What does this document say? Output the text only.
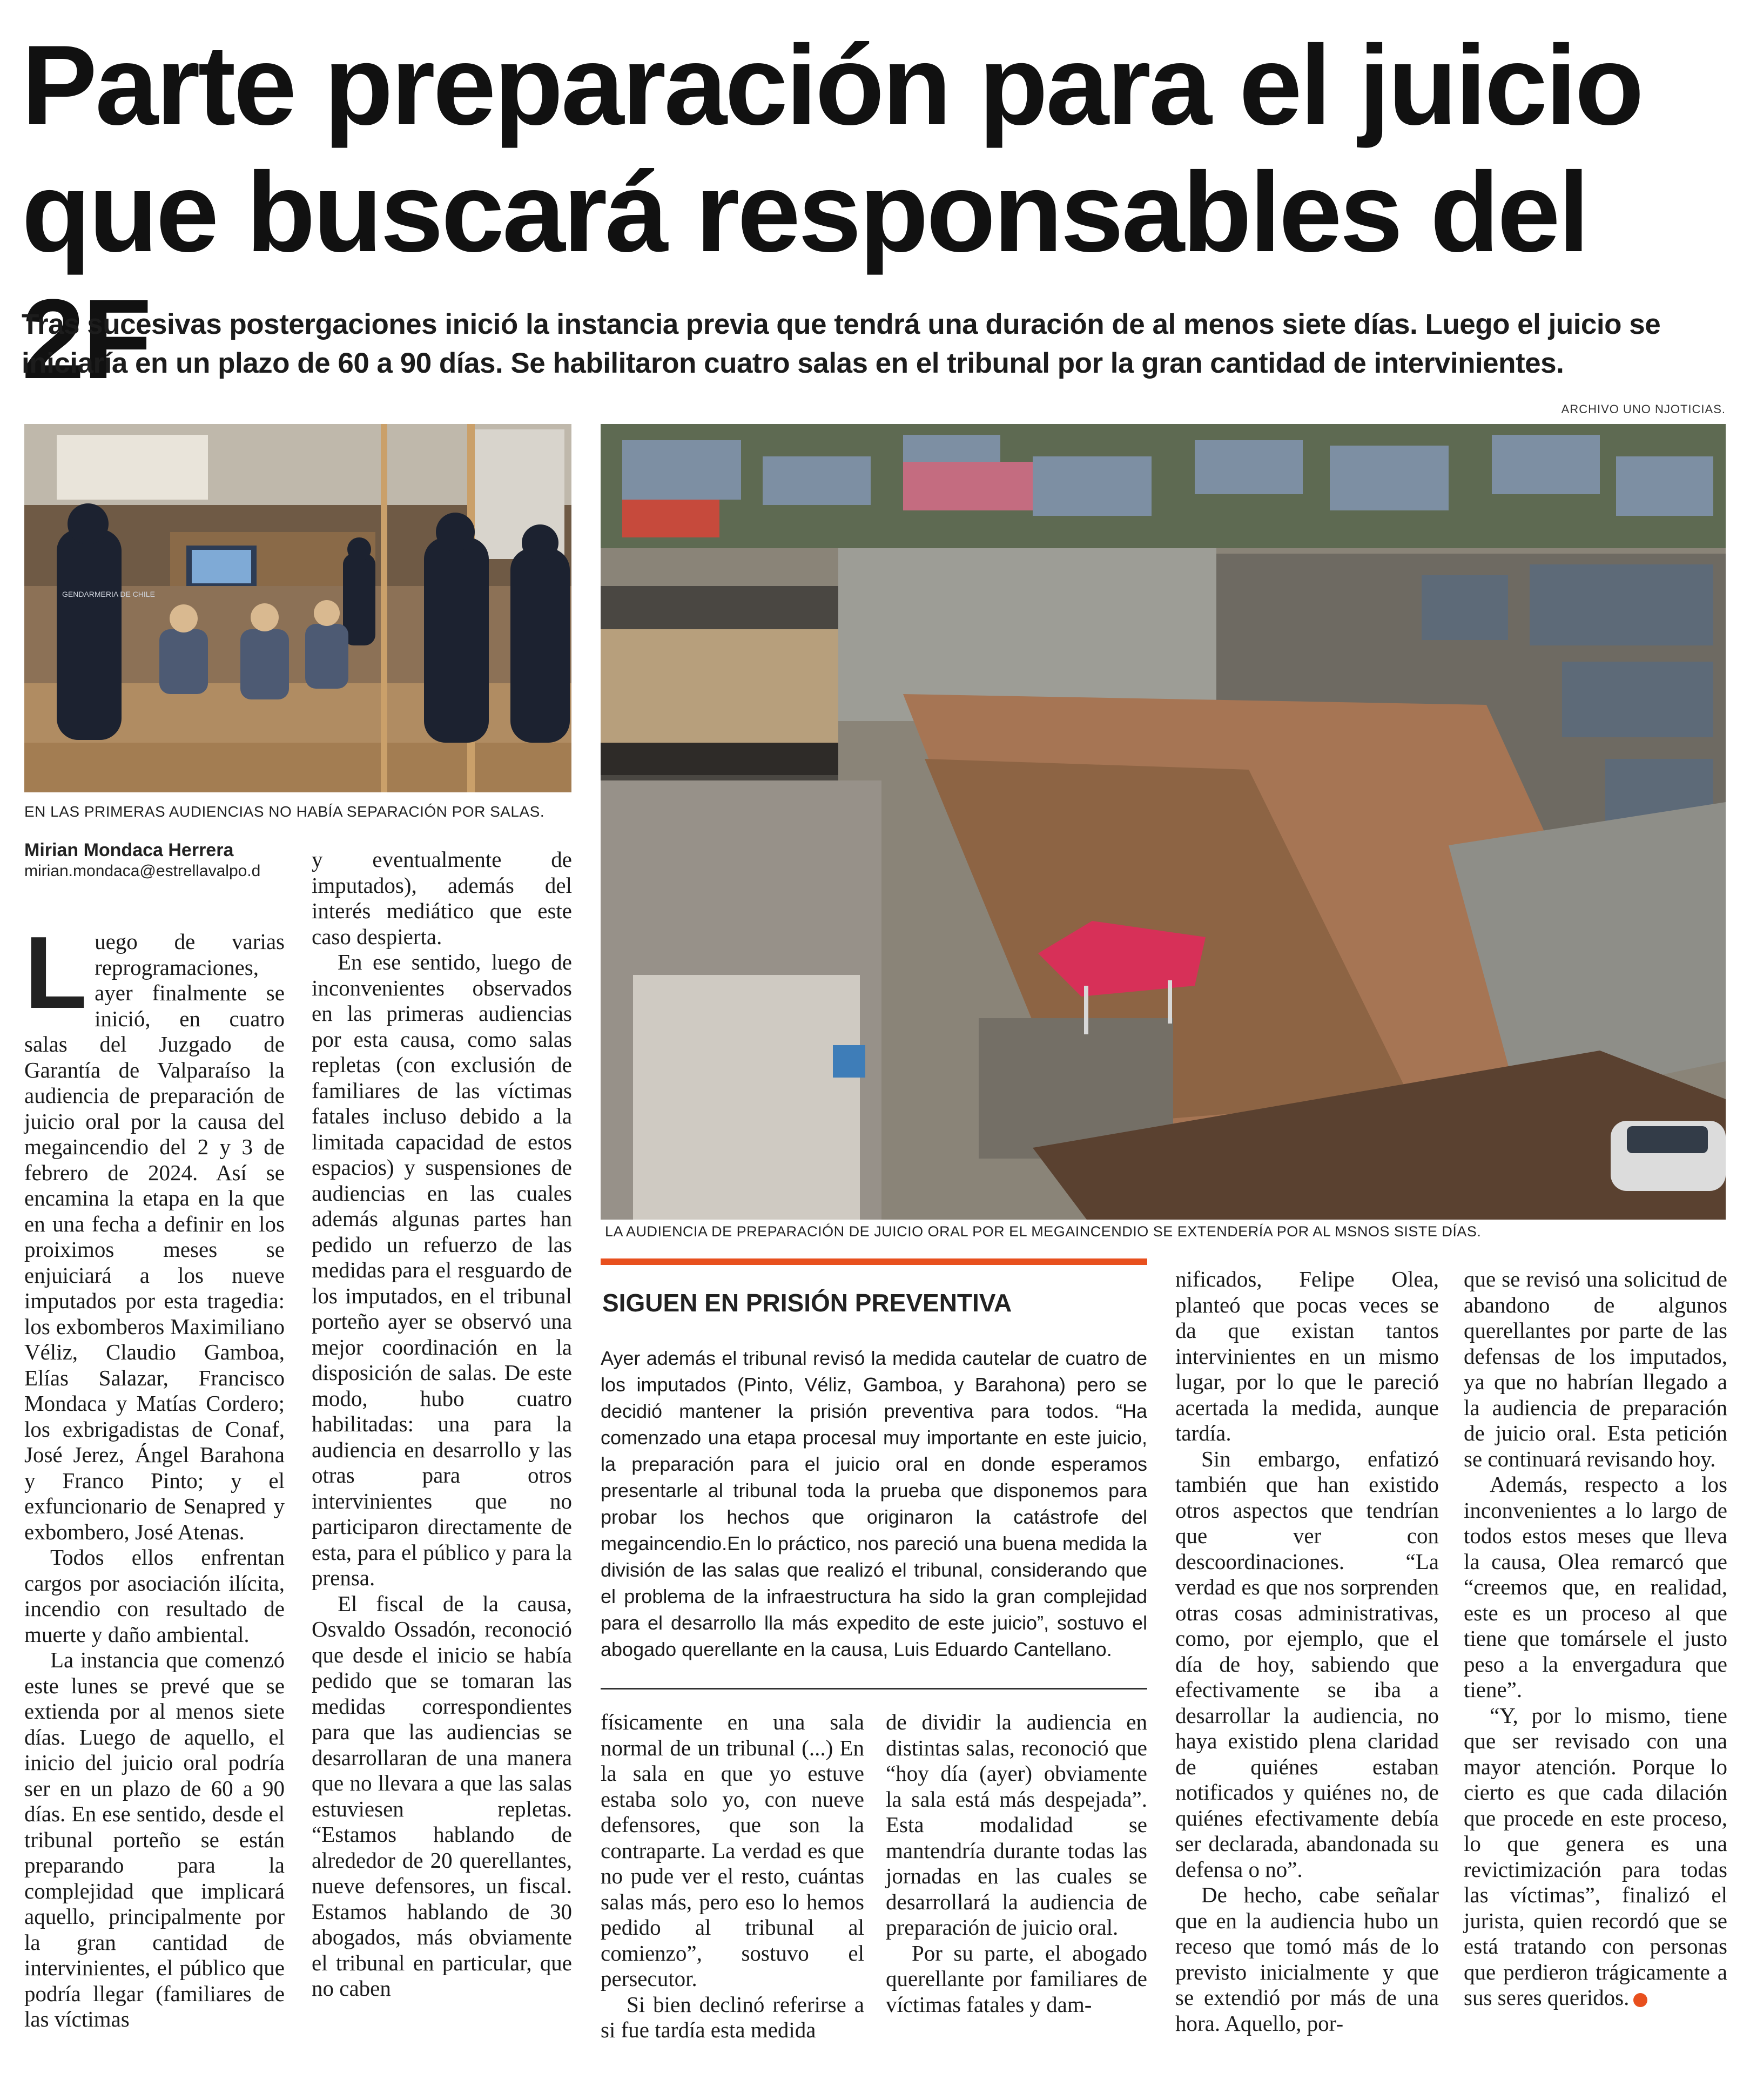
Parte preparación para el juicio
que buscará responsables del 2F
Tras sucesivas postergaciones inició la instancia previa que tendrá una duración de al menos siete días. Luego el juicio se iniciaría en un plazo de 60 a 90 días. Se habilitaron cuatro salas en el tribunal por la gran cantidad de intervinientes.
ARCHIVO UNO NJOTICIAS.
GENDARMERIA DE CHILE
EN LAS PRIMERAS AUDIENCIAS NO HABÍA SEPARACIÓN POR SALAS.
LA AUDIENCIA DE PREPARACIÓN DE JUICIO ORAL POR EL MEGAINCENDIO SE EXTENDERÍA POR AL MSNOS SISTE DÍAS.
Mirian Mondaca Herrera
mirian.mondaca@estrellavalpo.d

Luego de varias reprogramaciones, ayer finalmente se inició, en cuatro salas del Juzgado de Garantía de Valparaíso la audiencia de preparación de juicio oral por la causa del megaincendio del 2 y 3 de febrero de 2024. Así se encamina la etapa en la que en una fecha a definir en los proiximos meses se enjuiciará a los nueve imputados por esta tragedia: los exbomberos Maximiliano Véliz, Claudio Gamboa, Elías Salazar, Francisco Mondaca y Matías Cordero; los exbrigadistas de Conaf, José Jerez, Ángel Barahona y Franco Pinto; y el exfuncionario de Senapred y exbombero, José Atenas.

Todos ellos enfrentan cargos por asociación ilícita, incendio con resultado de muerte y daño ambiental.

La instancia que comenzó este lunes se prevé que se extienda por al menos siete días. Luego de aquello, el inicio del juicio oral podría ser en un plazo de 60 a 90 días. En ese sentido, desde el tribunal porteño se están preparando para la complejidad que implicará aquello, principalmente por la gran cantidad de intervinientes, el público que podría llegar (familiares de las víctimas

y eventualmente de imputados), además del interés mediático que este caso despierta.

En ese sentido, luego de inconvenientes observados en las primeras audiencias por esta causa, como salas repletas (con exclusión de familiares de las víctimas fatales incluso debido a la limitada capacidad de estos espacios) y suspensiones de audiencias en las cuales además algunas partes han pedido un refuerzo de las medidas para el resguardo de los imputados, en el tribunal porteño ayer se observó una mejor coordinación en la disposición de salas. De este modo, hubo cuatro habilitadas: una para la audiencia en desarrollo y las otras para otros intervinientes que no participaron directamente de esta, para el público y para la prensa.

El fiscal de la causa, Osvaldo Ossadón, reconoció que desde el inicio se había pedido que se tomaran las medidas correspondientes para que las audiencias se desarrollaran de una manera que no llevara a que las salas estuviesen repletas. “Estamos hablando de alrededor de 20 querellantes, nueve defensores, un fiscal. Estamos hablando de 30 abogados, más obviamente el tribunal en particular, que no caben

SIGUEN EN PRISIÓN PREVENTIVA
Ayer además el tribunal revisó la medida cautelar de cuatro de los imputados (Pinto, Véliz, Gamboa, y Barahona) pero se decidió mantener la prisión preventiva para todos. “Ha comenzado una etapa procesal muy importante en este juicio, la preparación para el juicio oral en donde esperamos presentarle al tribunal toda la prueba que disponemos para probar los hechos que originaron la catástrofe del megaincendio.En lo práctico, nos pareció una buena medida la división de las salas que realizó el tribunal, considerando que el problema de la infraestructura ha sido la gran complejidad para el desarrollo lla más expedito de este juicio”, sostuvo el abogado querellante en la causa, Luis Eduardo Cantellano.

físicamente en una sala normal de un tribunal (...) En la sala en que yo estuve estaba solo yo, con nueve defensores, que son la contraparte. La verdad es que no pude ver el resto, cuántas salas más, pero eso lo hemos pedido al tribunal al comienzo”, sostuvo el persecutor.

Si bien declinó referirse a si fue tardía esta medida

de dividir la audiencia en distintas salas, reconoció que “hoy día (ayer) obviamente la sala está más despejada”. Esta modalidad se mantendría durante todas las jornadas en las cuales se desarrollará la audiencia de preparación de juicio oral.

Por su parte, el abogado querellante por familiares de víctimas fatales y dam-

nificados, Felipe Olea, planteó que pocas veces se da que existan tantos intervinientes en un mismo lugar, por lo que le pareció acertada la medida, aunque tardía.

Sin embargo, enfatizó también que han existido otros aspectos que tendrían que ver con descoordinaciones. “La verdad es que nos sorprenden otras cosas administrativas, como, por ejemplo, que el día de hoy, sabiendo que efectivamente se iba a desarrollar la audiencia, no haya existido plena claridad de quiénes estaban notificados y quiénes no, de quiénes efectivamente debía ser declarada, abandonada su defensa o no”.

De hecho, cabe señalar que en la audiencia hubo un receso que tomó más de lo previsto inicialmente y que se extendió por más de una hora. Aquello, por-

que se revisó una solicitud de abandono de algunos querellantes por parte de las defensas de los imputados, ya que no habrían llegado a la audiencia de preparación de juicio oral. Esta petición se continuará revisando hoy.

Además, respecto a los inconvenientes a lo largo de todos estos meses que lleva la causa, Olea remarcó que “creemos que, en realidad, este es un proceso al que tiene que tomársele el justo peso a la envergadura que tiene”.

“Y, por lo mismo, tiene que ser revisado con una mayor atención. Porque lo cierto es que cada dilación que procede en este proceso, lo que genera es una revictimización para todas las víctimas”, finalizó el jurista, quien recordó que se está tratando con personas que perdieron trágicamente a sus seres queridos.
